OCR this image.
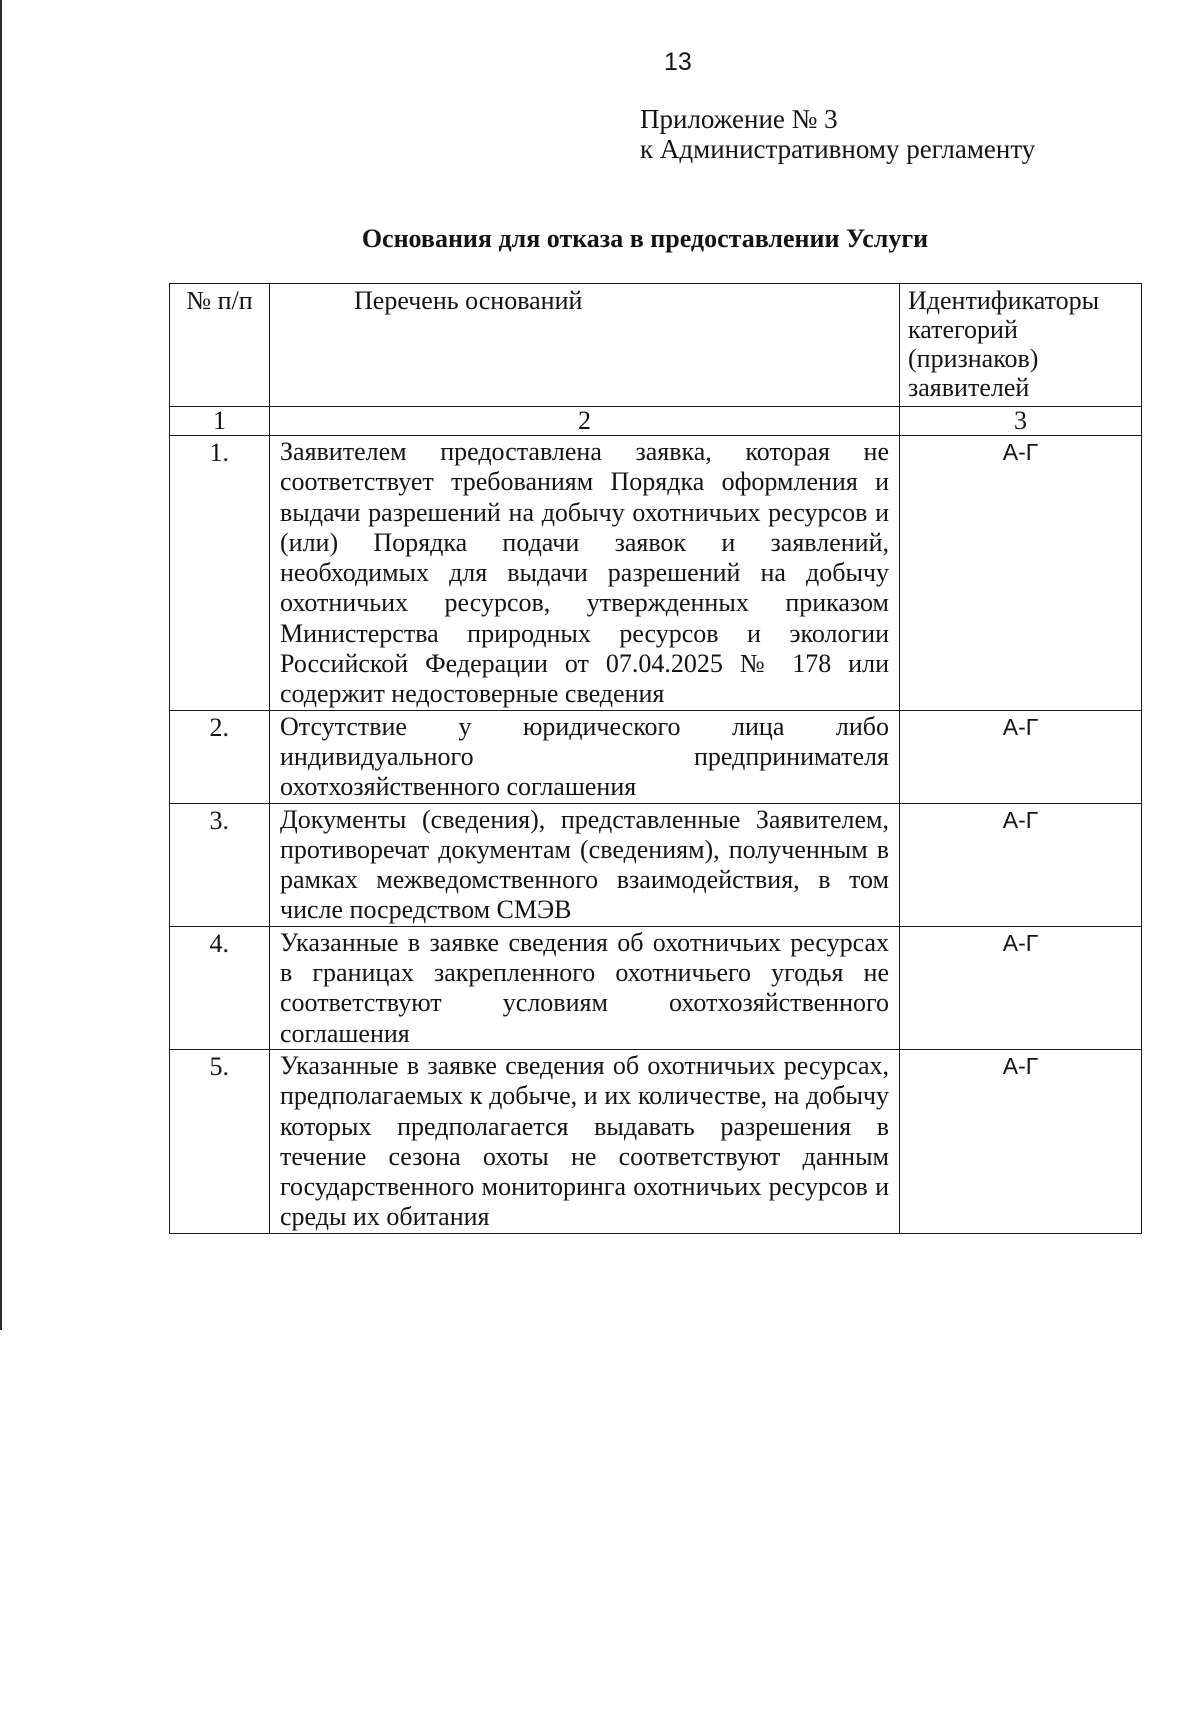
13
Приложение № 3
к Административному регламенту
Основания для отказа в предоставлении Услуги
№ п/п	Перечень оснований	Идентификаторы категорий (признаков) заявителей
1	2	3
1.	Заявителем предоставлена заявка, которая не соответствует требованиям Порядка оформления и выдачи разрешений на добычу охотничьих ресурсов и (или) Порядка подачи заявок и заявлений, необходимых для выдачи разрешений на добычу охотничьих ресурсов, утвержденных приказом Министерства природных ресурсов и экологии Российской Федерации от 07.04.2025 № 178 или содержит недостоверные сведения	А-Г
2.	Отсутствие у юридического лица либо индивидуального предпринимателя охотхозяйственного соглашения	А-Г
3.	Документы (сведения), представленные Заявителем, противоречат документам (сведениям), полученным в рамках межведомственного взаимодействия, в том числе посредством СМЭВ	А-Г
4.	Указанные в заявке сведения об охотничьих ресурсах в границах закрепленного охотничьего угодья не соответствуют условиям охотхозяйственного соглашения	А-Г
5.	Указанные в заявке сведения об охотничьих ресурсах, предполагаемых к добыче, и их количестве, на добычу которых предполагается выдавать разрешения в течение сезона охоты не соответствуют данным государственного мониторинга охотничьих ресурсов и среды их обитания	А-Г
